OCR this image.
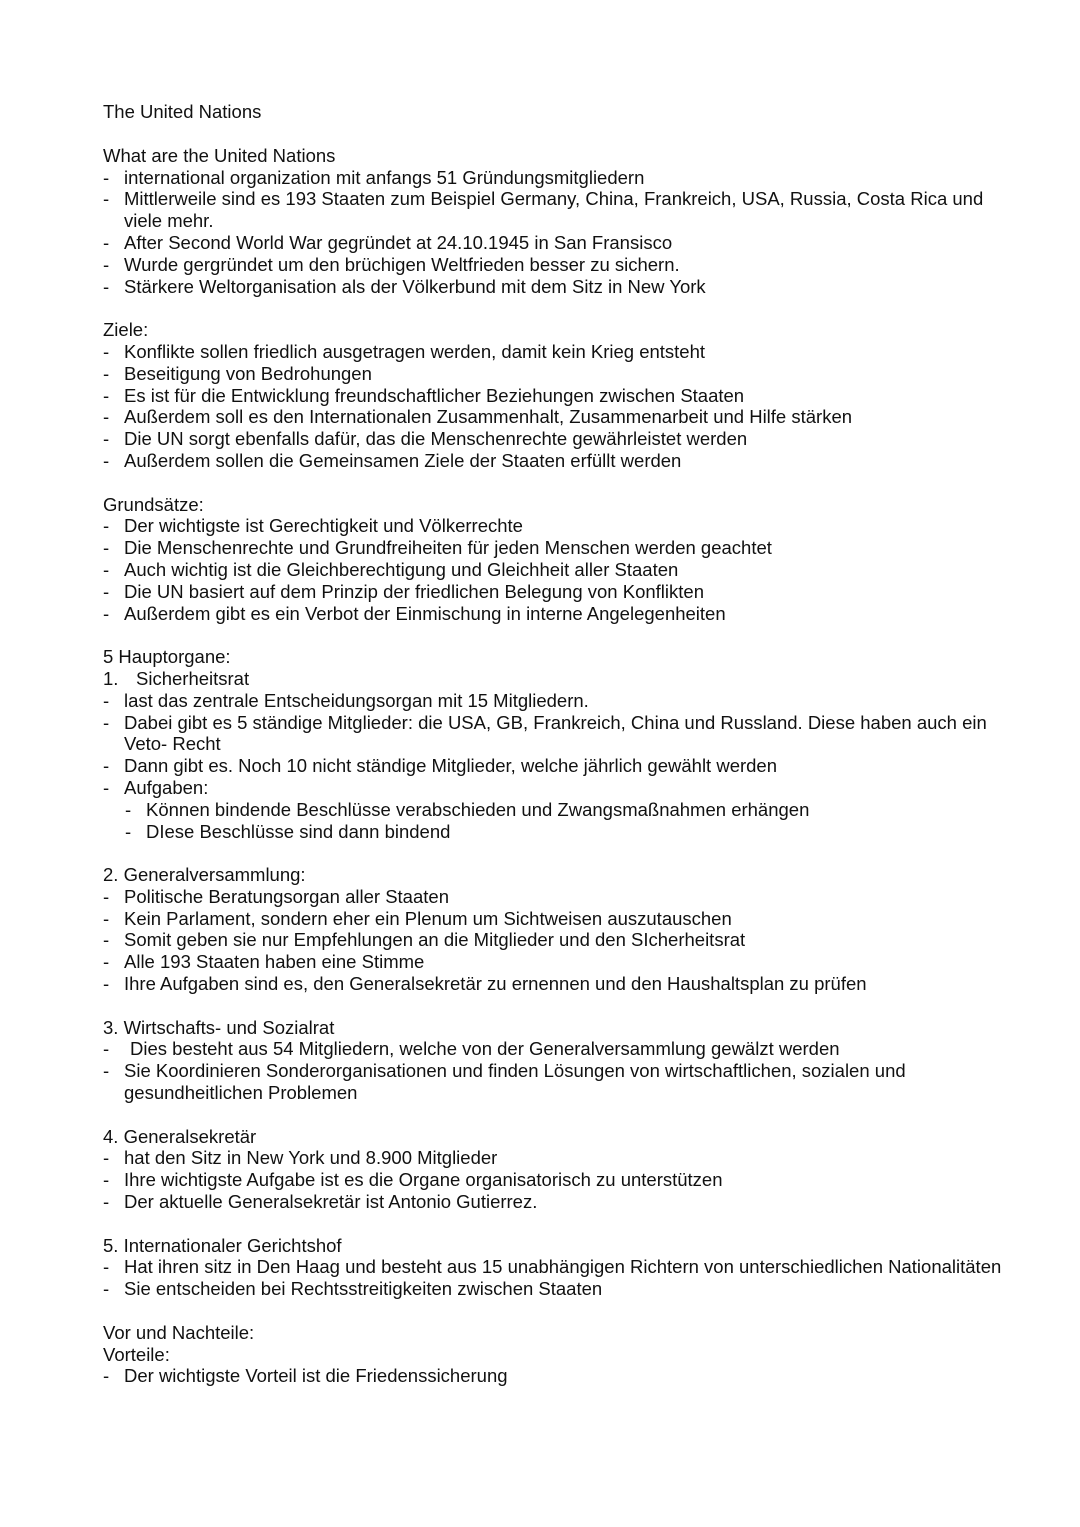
The United Nations
What are the United Nations
- international organization mit anfangs 51 Gründungsmitgliedern
- Mittlerweile sind es 193 Staaten zum Beispiel Germany, China, Frankreich, USA, Russia, Costa Rica und viele mehr.
- After Second World War gegründet at 24.10.1945 in San Fransisco
- Wurde gergründet um den brüchigen Weltfrieden besser zu sichern.
- Stärkere Weltorganisation als der Völkerbund mit dem Sitz in New York
Ziele:
- Konflikte sollen friedlich ausgetragen werden, damit kein Krieg entsteht
- Beseitigung von Bedrohungen
- Es ist für die Entwicklung freundschaftlicher Beziehungen zwischen Staaten
- Außerdem soll es den Internationalen Zusammenhalt, Zusammenarbeit und Hilfe stärken
- Die UN sorgt ebenfalls dafür, das die Menschenrechte gewährleistet werden
- Außerdem sollen die Gemeinsamen Ziele der Staaten erfüllt werden
Grundsätze:
- Der wichtigste ist Gerechtigkeit und Völkerrechte
- Die Menschenrechte und Grundfreiheiten für jeden Menschen werden geachtet
- Auch wichtig ist die Gleichberechtigung und Gleichheit aller Staaten
- Die UN basiert auf dem Prinzip der friedlichen Belegung von Konflikten
- Außerdem gibt es ein Verbot der Einmischung in interne Angelegenheiten
5 Hauptorgane:
1. Sicherheitsrat
- last das zentrale Entscheidungsorgan mit 15 Mitgliedern.
- Dabei gibt es 5 ständige Mitglieder: die USA, GB, Frankreich, China und Russland. Diese haben auch ein Veto- Recht
- Dann gibt es. Noch 10 nicht ständige Mitglieder, welche jährlich gewählt werden
- Aufgaben:
- Können bindende Beschlüsse verabschieden und Zwangsmaßnahmen erhängen
- DIese Beschlüsse sind dann bindend
2. Generalversammlung:
- Politische Beratungsorgan aller Staaten
- Kein Parlament, sondern eher ein Plenum um Sichtweisen auszutauschen
- Somit geben sie nur Empfehlungen an die Mitglieder und den SIcherheitsrat
- Alle 193 Staaten haben eine Stimme
- Ihre Aufgaben sind es, den Generalsekretär zu ernennen und den Haushaltsplan zu prüfen
3. Wirtschafts- und Sozialrat
- Dies besteht aus 54 Mitgliedern, welche von der Generalversammlung gewälzt werden
- Sie Koordinieren Sonderorganisationen und finden Lösungen von wirtschaftlichen, sozialen und gesundheitlichen Problemen
4. Generalsekretär
- hat den Sitz in New York und 8.900 Mitglieder
- Ihre wichtigste Aufgabe ist es die Organe organisatorisch zu unterstützen
- Der aktuelle Generalsekretär ist Antonio Gutierrez.
5. Internationaler Gerichtshof
- Hat ihren sitz in Den Haag und besteht aus 15 unabhängigen Richtern von unterschiedlichen Nationalitäten
- Sie entscheiden bei Rechtsstreitigkeiten zwischen Staaten
Vor und Nachteile:
Vorteile:
- Der wichtigste Vorteil ist die Friedenssicherung
